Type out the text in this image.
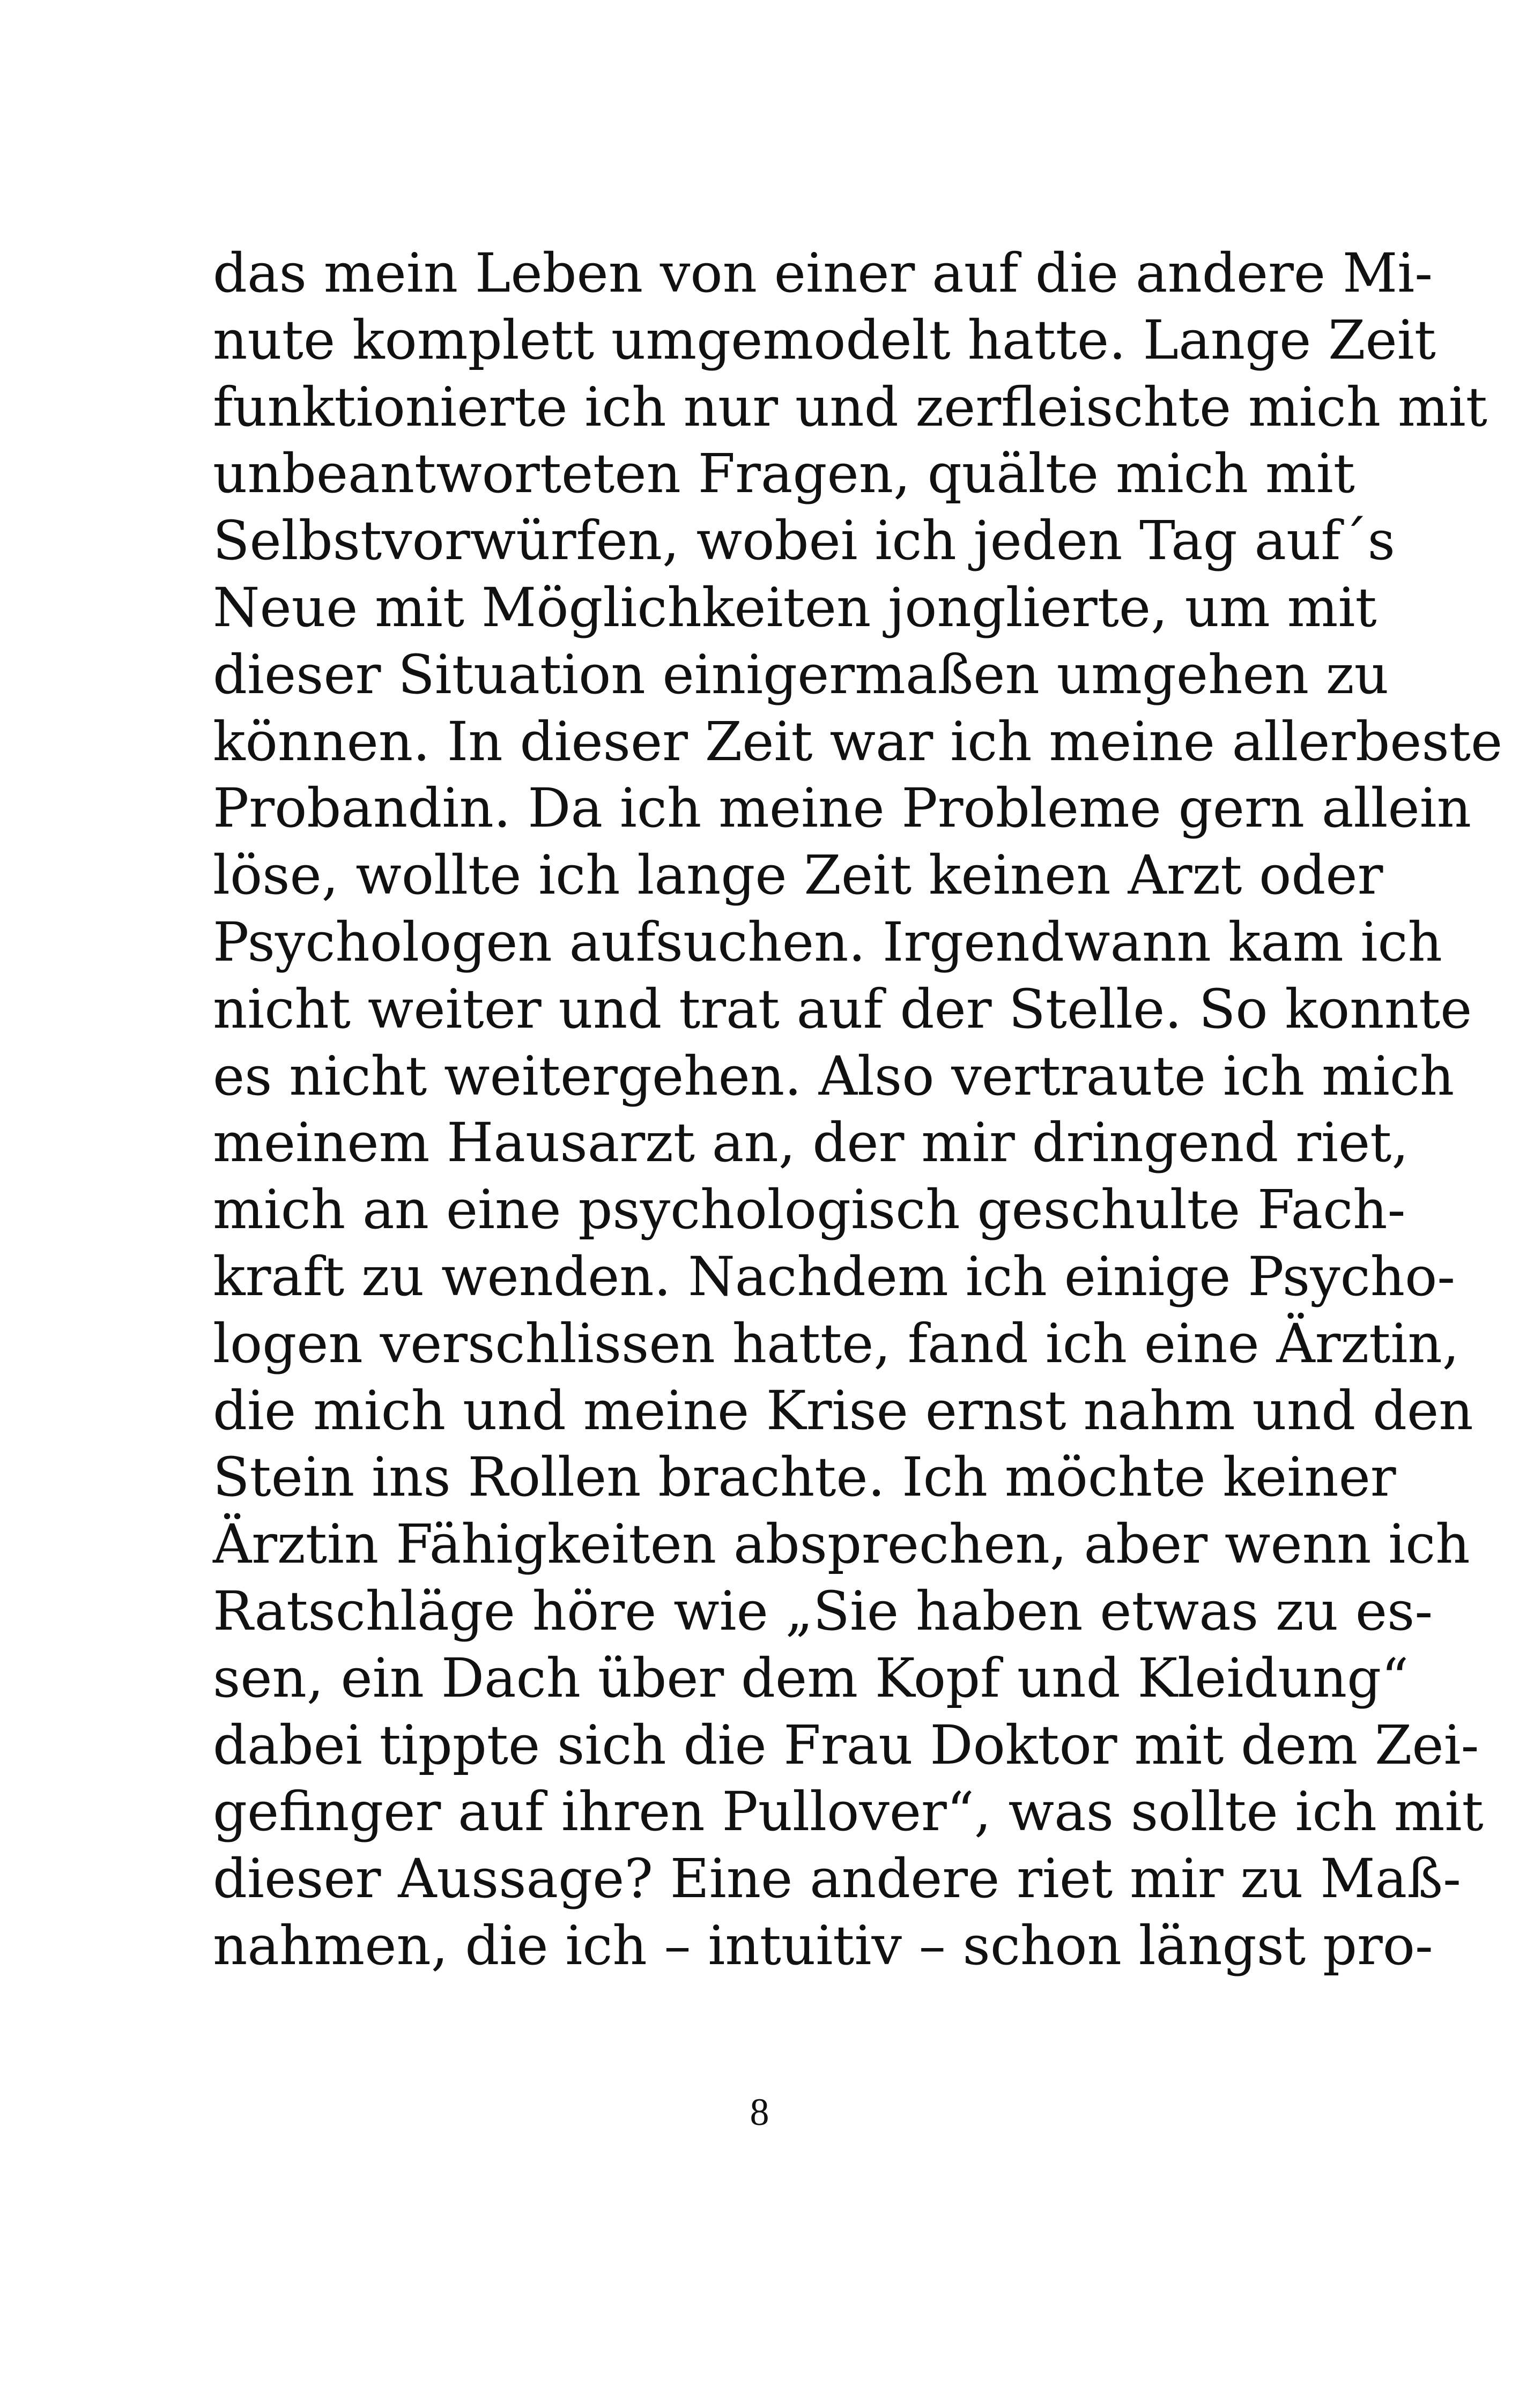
das mein Leben von einer auf die andere Mi-
nute komplett umgemodelt hatte. Lange Zeit
funktionierte ich nur und zerfleischte mich mit
unbeantworteten Fragen, quälte mich mit
Selbstvorwürfen, wobei ich jeden Tag auf´s
Neue mit Möglichkeiten jonglierte, um mit
dieser Situation einigermaßen umgehen zu
können. In dieser Zeit war ich meine allerbeste
Probandin. Da ich meine Probleme gern allein
löse, wollte ich lange Zeit keinen Arzt oder
Psychologen aufsuchen. Irgendwann kam ich
nicht weiter und trat auf der Stelle. So konnte
es nicht weitergehen. Also vertraute ich mich
meinem Hausarzt an, der mir dringend riet,
mich an eine psychologisch geschulte Fach-
kraft zu wenden. Nachdem ich einige Psycho-
logen verschlissen hatte, fand ich eine Ärztin,
die mich und meine Krise ernst nahm und den
Stein ins Rollen brachte. Ich möchte keiner
Ärztin Fähigkeiten absprechen, aber wenn ich
Ratschläge höre wie „Sie haben etwas zu es-
sen, ein Dach über dem Kopf und Kleidung“
dabei tippte sich die Frau Doktor mit dem Zei-
gefinger auf ihren Pullover“, was sollte ich mit
dieser Aussage? Eine andere riet mir zu Maß-
nahmen, die ich – intuitiv – schon längst pro-
8
